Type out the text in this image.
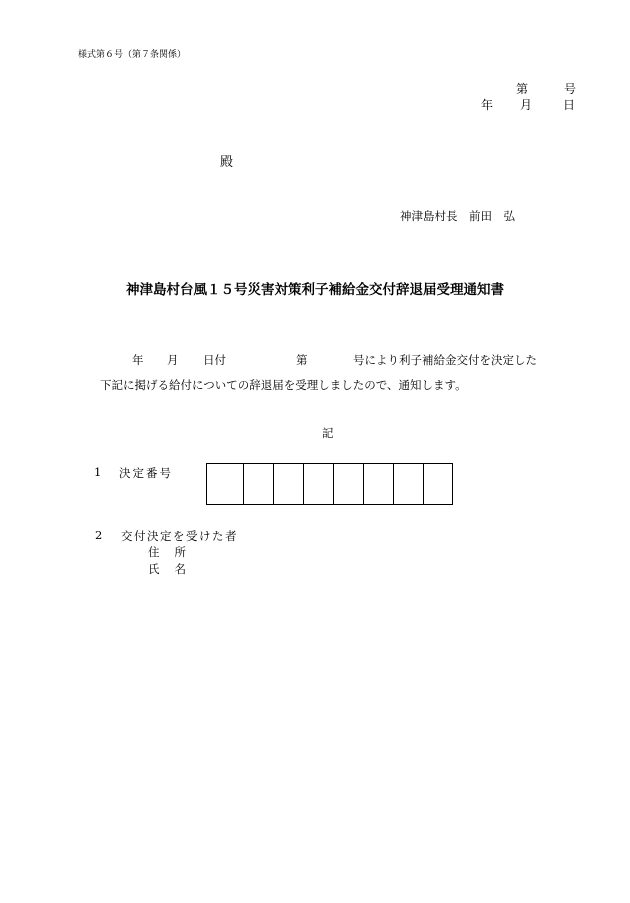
様式第６号（第７条関係）
第	号
年 月	日
殿
神津島村長　前田　弘
神津島村台風１５号災害対策利子補給金交付辞退届受理通知書
年 月 日付	第	号により利子補給金交付を決定した
下記に掲げる給付についての辞退届を受理しましたので、通知します。
記
1 決定番号
2 交付決定を受けた者
住所
氏名
